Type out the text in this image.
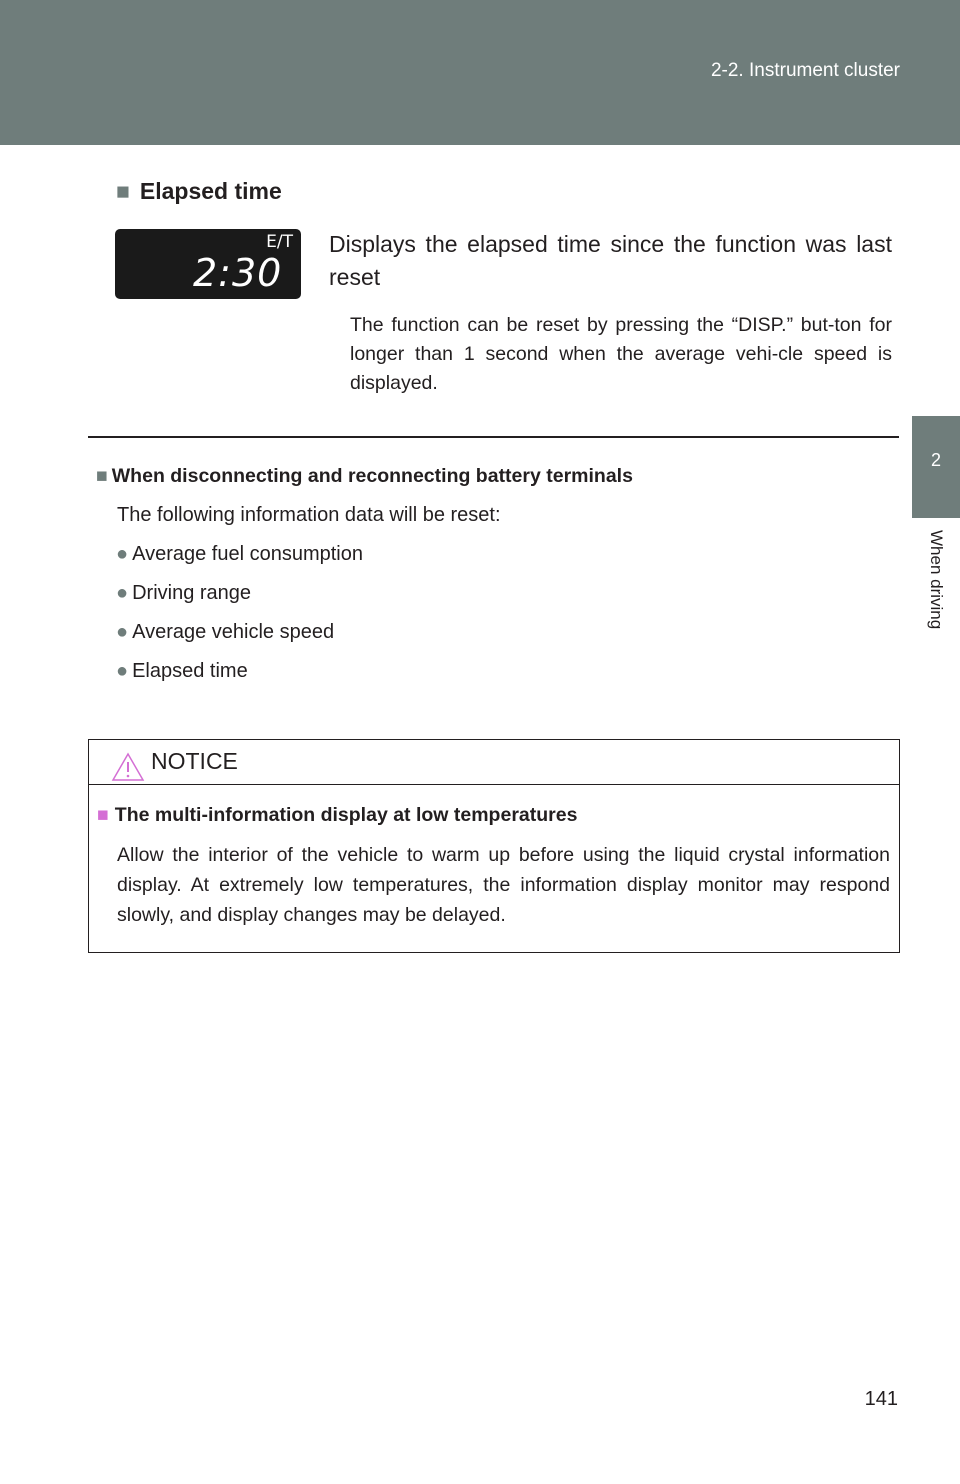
2-2. Instrument cluster
2
When driving
■ Elapsed time
E/T
2:30
Displays the elapsed time since the function was last reset
The function can be reset by pressing the “DISP.” but-ton for longer than 1 second when the average vehi-cle speed is displayed.
■ When disconnecting and reconnecting battery terminals
The following information data will be reset:
● Average fuel consumption
● Driving range
● Average vehicle speed
● Elapsed time
NOTICE
■ The multi-information display at low temperatures
Allow the interior of the vehicle to warm up before using the liquid crystal information display. At extremely low temperatures, the information display monitor may respond slowly, and display changes may be delayed.
141
